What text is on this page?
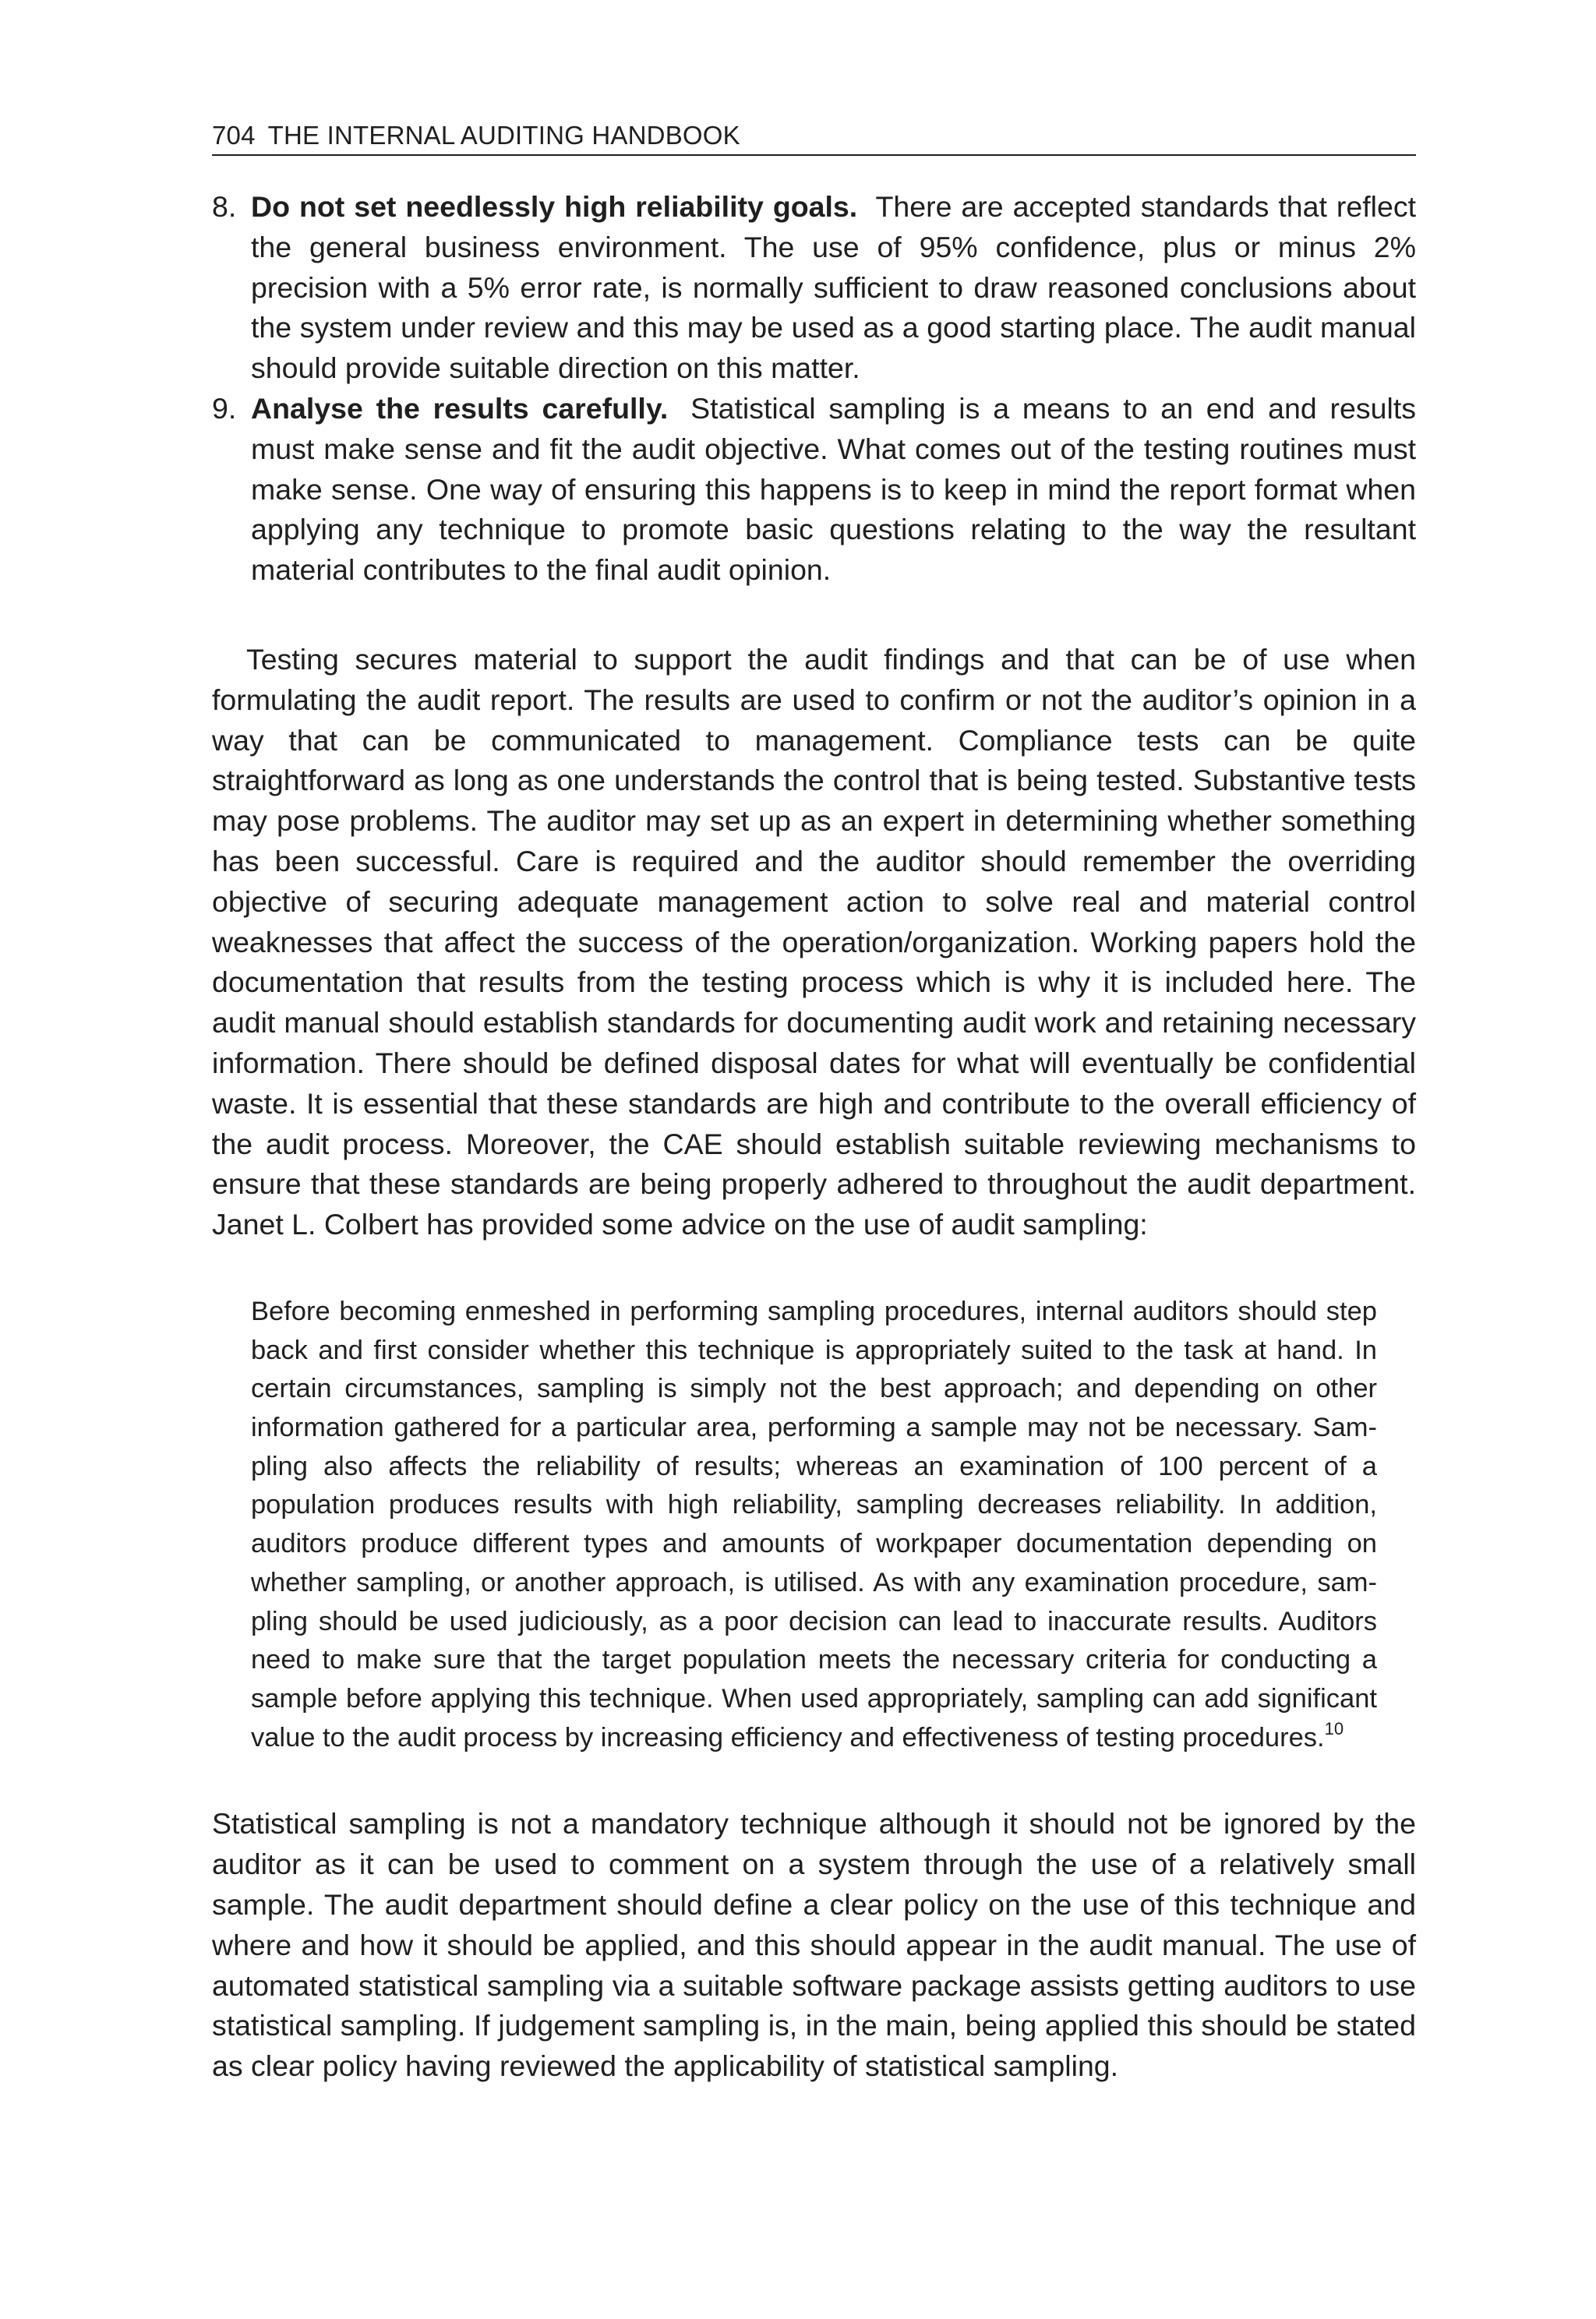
704 THE INTERNAL AUDITING HANDBOOK
8. Do not set needlessly high reliability goals. There are accepted standards that reflect the general business environment. The use of 95% confidence, plus or minus 2% precision with a 5% error rate, is normally sufficient to draw reasoned conclusions about the system under review and this may be used as a good starting place. The audit manual should provide suitable direction on this matter.
9. Analyse the results carefully. Statistical sampling is a means to an end and results must make sense and fit the audit objective. What comes out of the testing routines must make sense. One way of ensuring this happens is to keep in mind the report format when applying any technique to promote basic questions relating to the way the resultant material contributes to the final audit opinion.

Testing secures material to support the audit findings and that can be of use when formulating the audit report. The results are used to confirm or not the auditor’s opinion in a way that can be communicated to management. Compliance tests can be quite straightforward as long as one understands the control that is being tested. Substantive tests may pose problems. The auditor may set up as an expert in determining whether something has been successful. Care is required and the auditor should remember the overriding objective of securing adequate management action to solve real and material control weaknesses that affect the success of the operation/organization. Working papers hold the documentation that results from the testing process which is why it is included here. The audit manual should establish standards for documenting audit work and retaining necessary information. There should be defined disposal dates for what will eventually be confidential waste. It is essential that these standards are high and contribute to the overall efficiency of the audit process. Moreover, the CAE should establish suitable reviewing mechanisms to ensure that these standards are being properly adhered to throughout the audit department. Janet L. Colbert has provided some advice on the use of audit sampling:

Before becoming enmeshed in performing sampling procedures, internal auditors should step back and first consider whether this technique is appropriately suited to the task at hand. In certain circumstances, sampling is simply not the best approach; and depending on other information gathered for a particular area, performing a sample may not be necessary. Sampling also affects the reliability of results; whereas an examination of 100 percent of a population produces results with high reliability, sampling decreases reliability. In addition, auditors produce different types and amounts of workpaper documentation depending on whether sampling, or another approach, is utilised. As with any examination procedure, sampling should be used judiciously, as a poor decision can lead to inaccurate results. Auditors need to make sure that the target population meets the necessary criteria for conducting a sample before applying this technique. When used appropriately, sampling can add significant value to the audit process by increasing efficiency and effectiveness of testing procedures.$^{10}$

Statistical sampling is not a mandatory technique although it should not be ignored by the auditor as it can be used to comment on a system through the use of a relatively small sample. The audit department should define a clear policy on the use of this technique and where and how it should be applied, and this should appear in the audit manual. The use of automated statistical sampling via a suitable software package assists getting auditors to use statistical sampling. If judgement sampling is, in the main, being applied this should be stated as clear policy having reviewed the applicability of statistical sampling.
